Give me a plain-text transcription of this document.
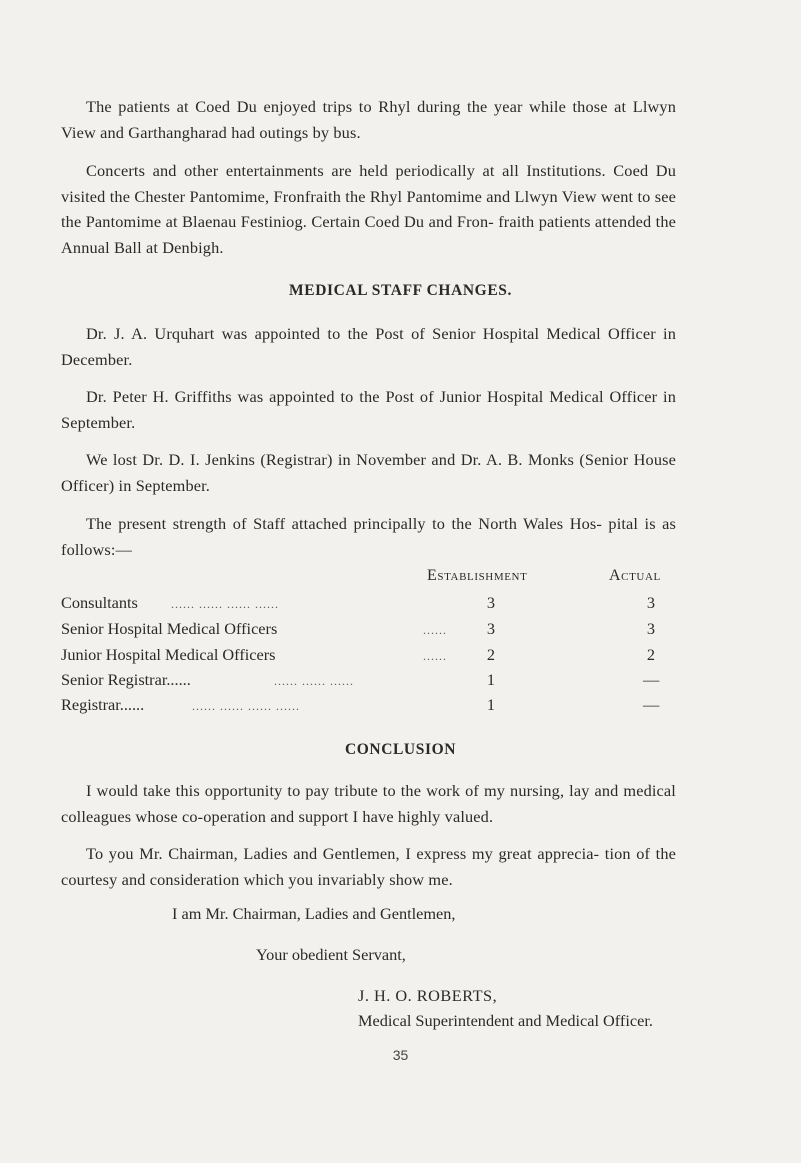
The patients at Coed Du enjoyed trips to Rhyl during the year while those at Llwyn View and Garthangharad had outings by bus.

Concerts and other entertainments are held periodically at all Institutions. Coed Du visited the Chester Pantomime, Fronfraith the Rhyl Pantomime and Llwyn View went to see the Pantomime at Blaenau Festiniog. Certain Coed Du and Fron- fraith patients attended the Annual Ball at Denbigh.

MEDICAL STAFF CHANGES.

Dr. J. A. Urquhart was appointed to the Post of Senior Hospital Medical Officer in December.

Dr. Peter H. Griffiths was appointed to the Post of Junior Hospital Medical Officer in September.

We lost Dr. D. I. Jenkins (Registrar) in November and Dr. A. B. Monks (Senior House Officer) in September.

The present strength of Staff attached principally to the North Wales Hos- pital is as follows:—

Establishment	Actual
Consultants	...... ...... ...... ......	3	3
Senior Hospital Medical Officers	...... 3	3
Junior Hospital Medical Officers	...... 2	2
Senior Registrar......	...... ...... ......	1	—
Registrar......	...... ...... ...... ......	1	—
CONCLUSION

I would take this opportunity to pay tribute to the work of my nursing, lay and medical colleagues whose co-operation and support I have highly valued.

To you Mr. Chairman, Ladies and Gentlemen, I express my great apprecia- tion of the courtesy and consideration which you invariably show me.

I am Mr. Chairman, Ladies and Gentlemen,
Your obedient Servant,
J. H. O. ROBERTS,
Medical Superintendent and Medical Officer.
35
